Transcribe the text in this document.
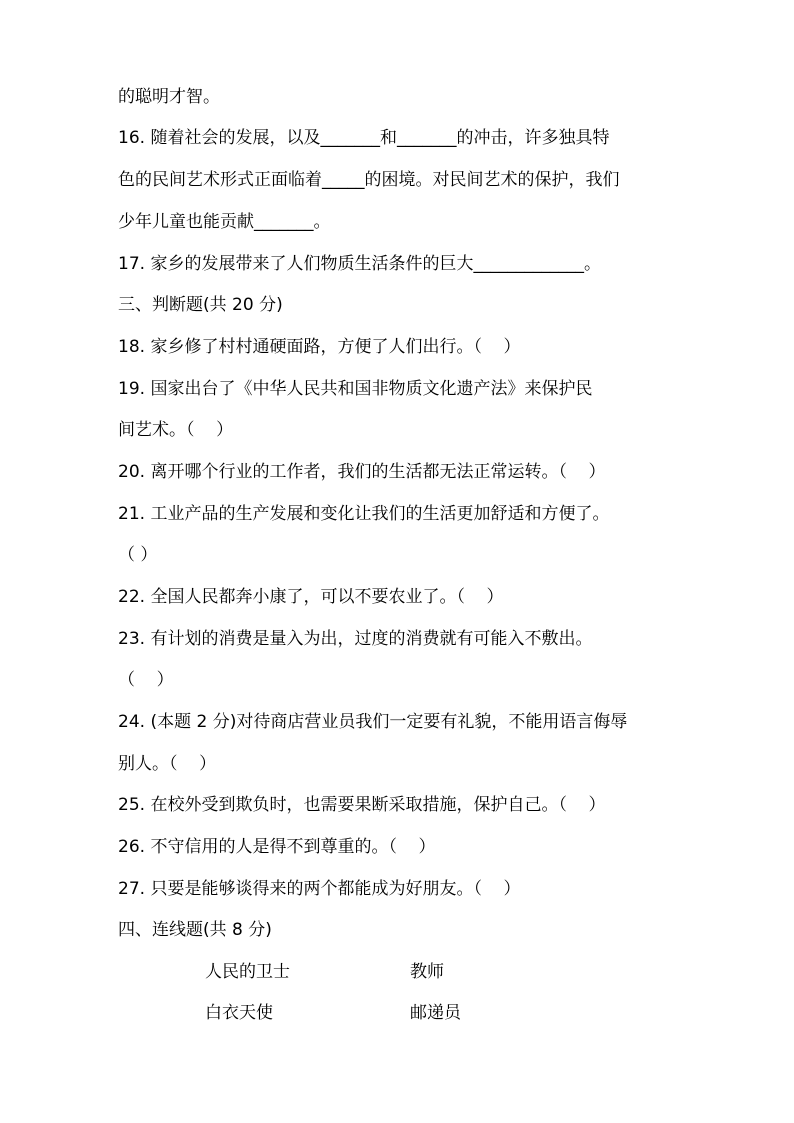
的聪明才智。
16. 随着社会的发展，以及_______和_______的冲击，许多独具特
色的民间艺术形式正面临着_____的困境。对民间艺术的保护，我们
少年儿童也能贡献_______。
17. 家乡的发展带来了人们物质生活条件的巨大_____________。
三、判断题(共 20 分)
18. 家乡修了村村通硬面路，方便了人们出行。（    ）
19. 国家出台了《中华人民共和国非物质文化遗产法》来保护民
间艺术。（    ）
20. 离开哪个行业的工作者，我们的生活都无法正常运转。（    ）
21. 工业产品的生产发展和变化让我们的生活更加舒适和方便了。
（ ）
22. 全国人民都奔小康了，可以不要农业了。（    ）
23. 有计划的消费是量入为出，过度的消费就有可能入不敷出。
（    ）
24. (本题 2 分)对待商店营业员我们一定要有礼貌，不能用语言侮辱
别人。（    ）
25. 在校外受到欺负时，也需要果断采取措施，保护自己。（    ）
26. 不守信用的人是得不到尊重的。（    ）
27. 只要是能够谈得来的两个都能成为好朋友。（    ）
四、连线题(共 8 分)
人民的卫士	教师
白衣天使	邮递员
